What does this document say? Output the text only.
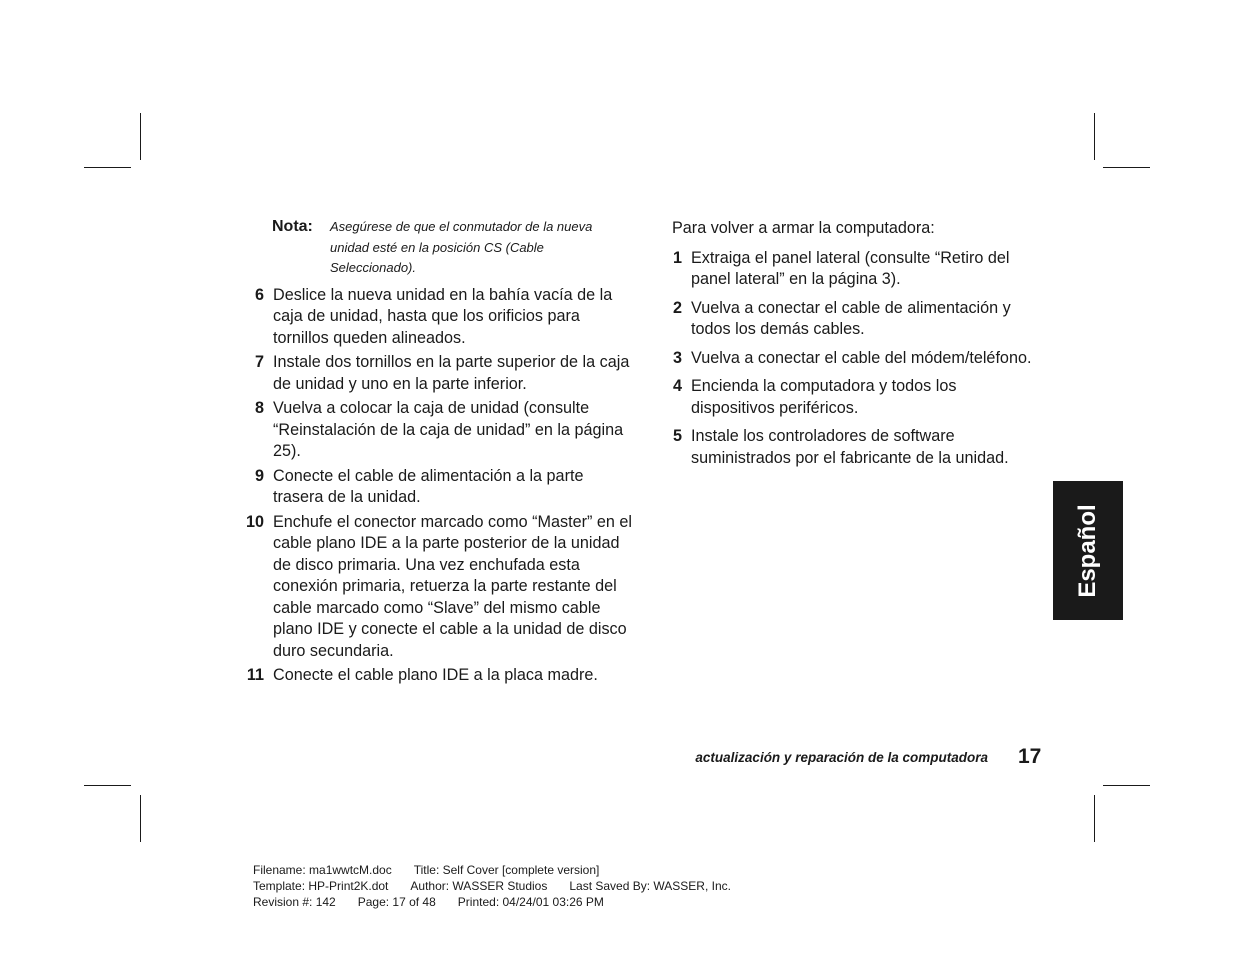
Nota: Asegúrese de que el conmutador de la nueva unidad esté en la posición CS (Cable Seleccionado).
6 Deslice la nueva unidad en la bahía vacía de la caja de unidad, hasta que los orificios para tornillos queden alineados.
7 Instale dos tornillos en la parte superior de la caja de unidad y uno en la parte inferior.
8 Vuelva a colocar la caja de unidad (consulte “Reinstalación de la caja de unidad” en la página 25).
9 Conecte el cable de alimentación a la parte trasera de la unidad.
10 Enchufe el conector marcado como “Master” en el cable plano IDE a la parte posterior de la unidad de disco primaria. Una vez enchufada esta conexión primaria, retuerza la parte restante del cable marcado como “Slave” del mismo cable plano IDE y conecte el cable a la unidad de disco duro secundaria.
11 Conecte el cable plano IDE a la placa madre.
Para volver a armar la computadora:
1 Extraiga el panel lateral (consulte “Retiro del panel lateral” en la página 3).
2 Vuelva a conectar el cable de alimentación y todos los demás cables.
3 Vuelva a conectar el cable del módem/teléfono.
4 Encienda la computadora y todos los dispositivos periféricos.
5 Instale los controladores de software suministrados por el fabricante de la unidad.
Español
actualización y reparación de la computadora 17
Filename: ma1wwtcM.doc Title: Self Cover [complete version]
Template: HP-Print2K.dot Author: WASSER Studios Last Saved By: WASSER, Inc.
Revision #: 142 Page: 17 of 48 Printed: 04/24/01 03:26 PM
